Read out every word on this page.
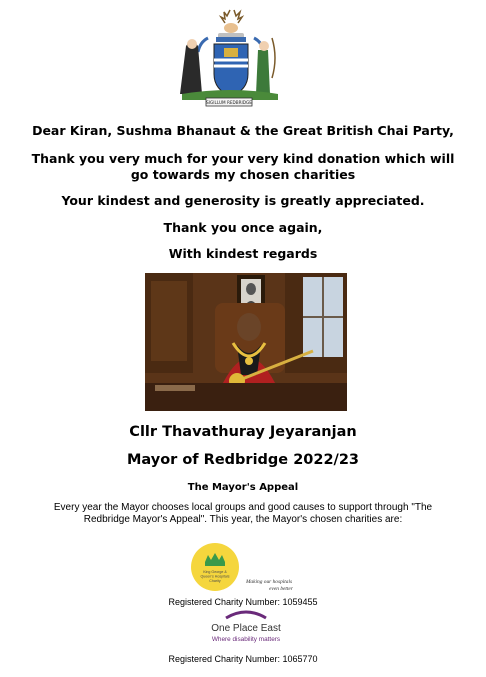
SIGILLUM REDBRIDGE
Dear Kiran, Sushma Bhanaut & the Great British Chai Party,
Thank you very much for your very kind donation which will
go towards my chosen charities
Your kindest and generosity is greatly appreciated.
Thank you once again,
With kindest regards
Cllr Thavathuray Jeyaranjan
Mayor of Redbridge 2022/23
The Mayor's Appeal
Every year the Mayor chooses local groups and good causes to support through "The Redbridge Mayor's Appeal". This year, the Mayor's chosen charities are:
King George &
Queen's Hospitals
Charity	Making our hospitals
even better
Registered Charity Number: 1059455
One Place East
Where disability matters
Registered Charity Number: 1065770
